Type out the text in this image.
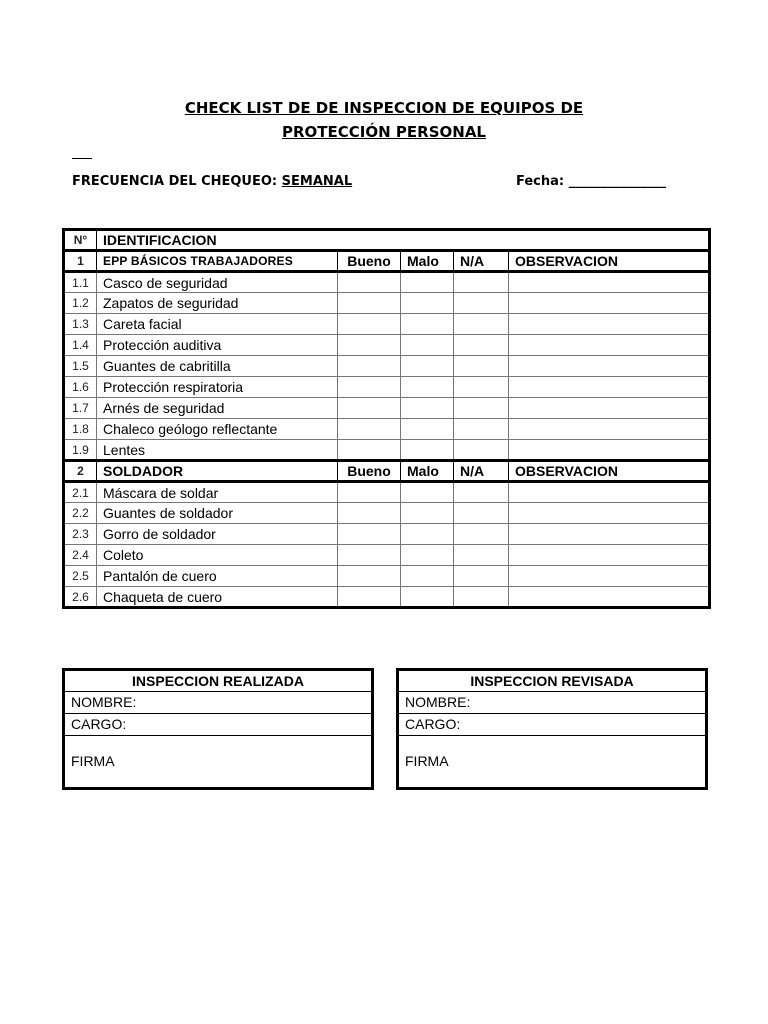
CHECK LIST DE DE INSPECCION DE EQUIPOS DE
PROTECCIÓN PERSONAL
FRECUENCIA DEL CHEQUEO: SEMANAL	Fecha: _______________
N°	IDENTIFICACION				
1	EPP BÁSICOS TRABAJADORES	Bueno	Malo	N/A	OBSERVACION
1.1	Casco de seguridad				
1.2	Zapatos de seguridad				
1.3	Careta facial				
1.4	Protección auditiva				
1.5	Guantes de cabritilla				
1.6	Protección respiratoria				
1.7	Arnés de seguridad				
1.8	Chaleco geólogo reflectante				
1.9	Lentes				
2	SOLDADOR	Bueno	Malo	N/A	OBSERVACION
2.1	Máscara de soldar				
2.2	Guantes de soldador				
2.3	Gorro de soldador				
2.4	Coleto				
2.5	Pantalón de cuero				
2.6	Chaqueta de cuero				
INSPECCION REALIZADA
NOMBRE:
CARGO:
FIRMA
INSPECCION REVISADA
NOMBRE:
CARGO:
FIRMA
